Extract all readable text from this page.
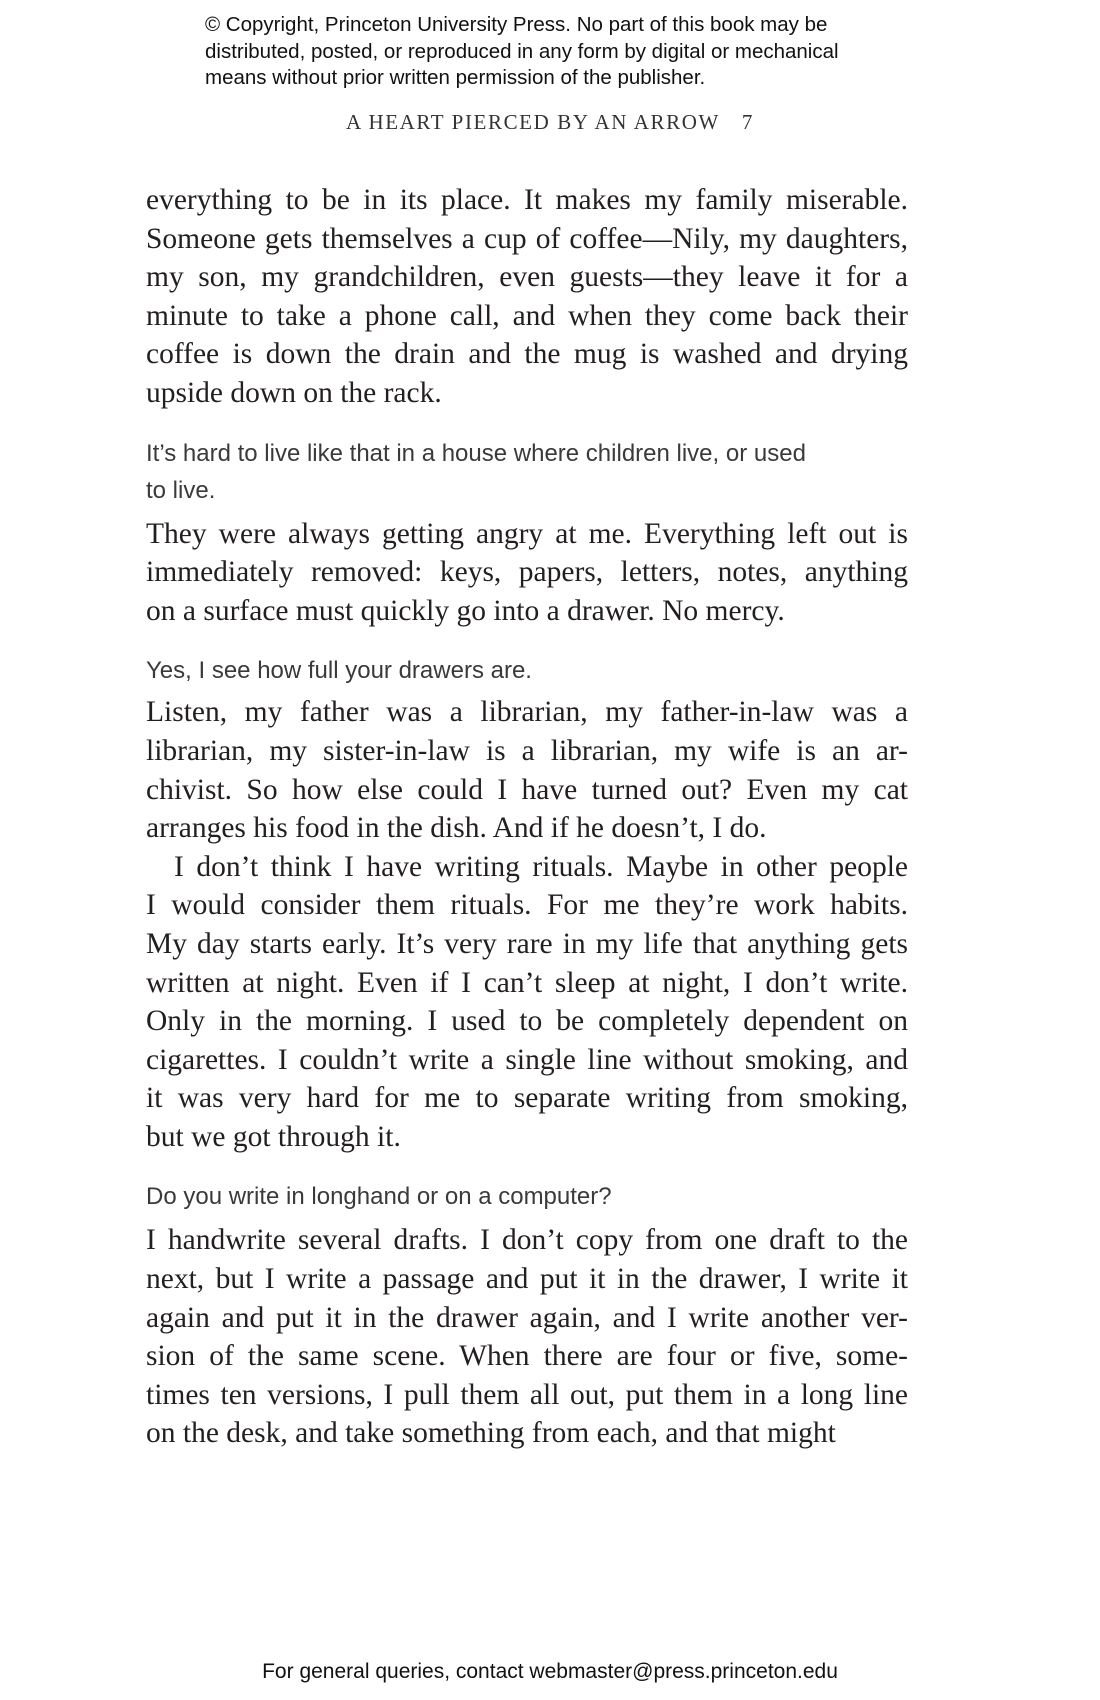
© Copyright, Princeton University Press. No part of this book may be
distributed, posted, or reproduced in any form by digital or mechanical
means without prior written permission of the publisher.
A HEART PIERCED BY AN ARROW 7
everything to be in its place. It makes my family miserable.
Someone gets themselves a cup of coffee—Nily, my daughters,
my son, my grandchildren, even guests—they leave it for a
minute to take a phone call, and when they come back their
coffee is down the drain and the mug is washed and drying
upside down on the rack.
It’s hard to live like that in a house where children live, or used
to live.
They were always getting angry at me. Everything left out is
immediately removed: keys, papers, letters, notes, anything
on a surface must quickly go into a drawer. No mercy.
Yes, I see how full your drawers are.
Listen, my father was a librarian, my father-in-law was a
librarian, my sister-in-law is a librarian, my wife is an ar-
chivist. So how else could I have turned out? Even my cat
arranges his food in the dish. And if he doesn’t, I do.
I don’t think I have writing rituals. Maybe in other people
I would consider them rituals. For me they’re work habits.
My day starts early. It’s very rare in my life that anything gets
written at night. Even if I can’t sleep at night, I don’t write.
Only in the morning. I used to be completely dependent on
cigarettes. I couldn’t write a single line without smoking, and
it was very hard for me to separate writing from smoking,
but we got through it.
Do you write in longhand or on a computer?
I handwrite several drafts. I don’t copy from one draft to the
next, but I write a passage and put it in the drawer, I write it
again and put it in the drawer again, and I write another ver-
sion of the same scene. When there are four or five, some-
times ten versions, I pull them all out, put them in a long line
on the desk, and take something from each, and that might
For general queries, contact webmaster@press.princeton.edu
